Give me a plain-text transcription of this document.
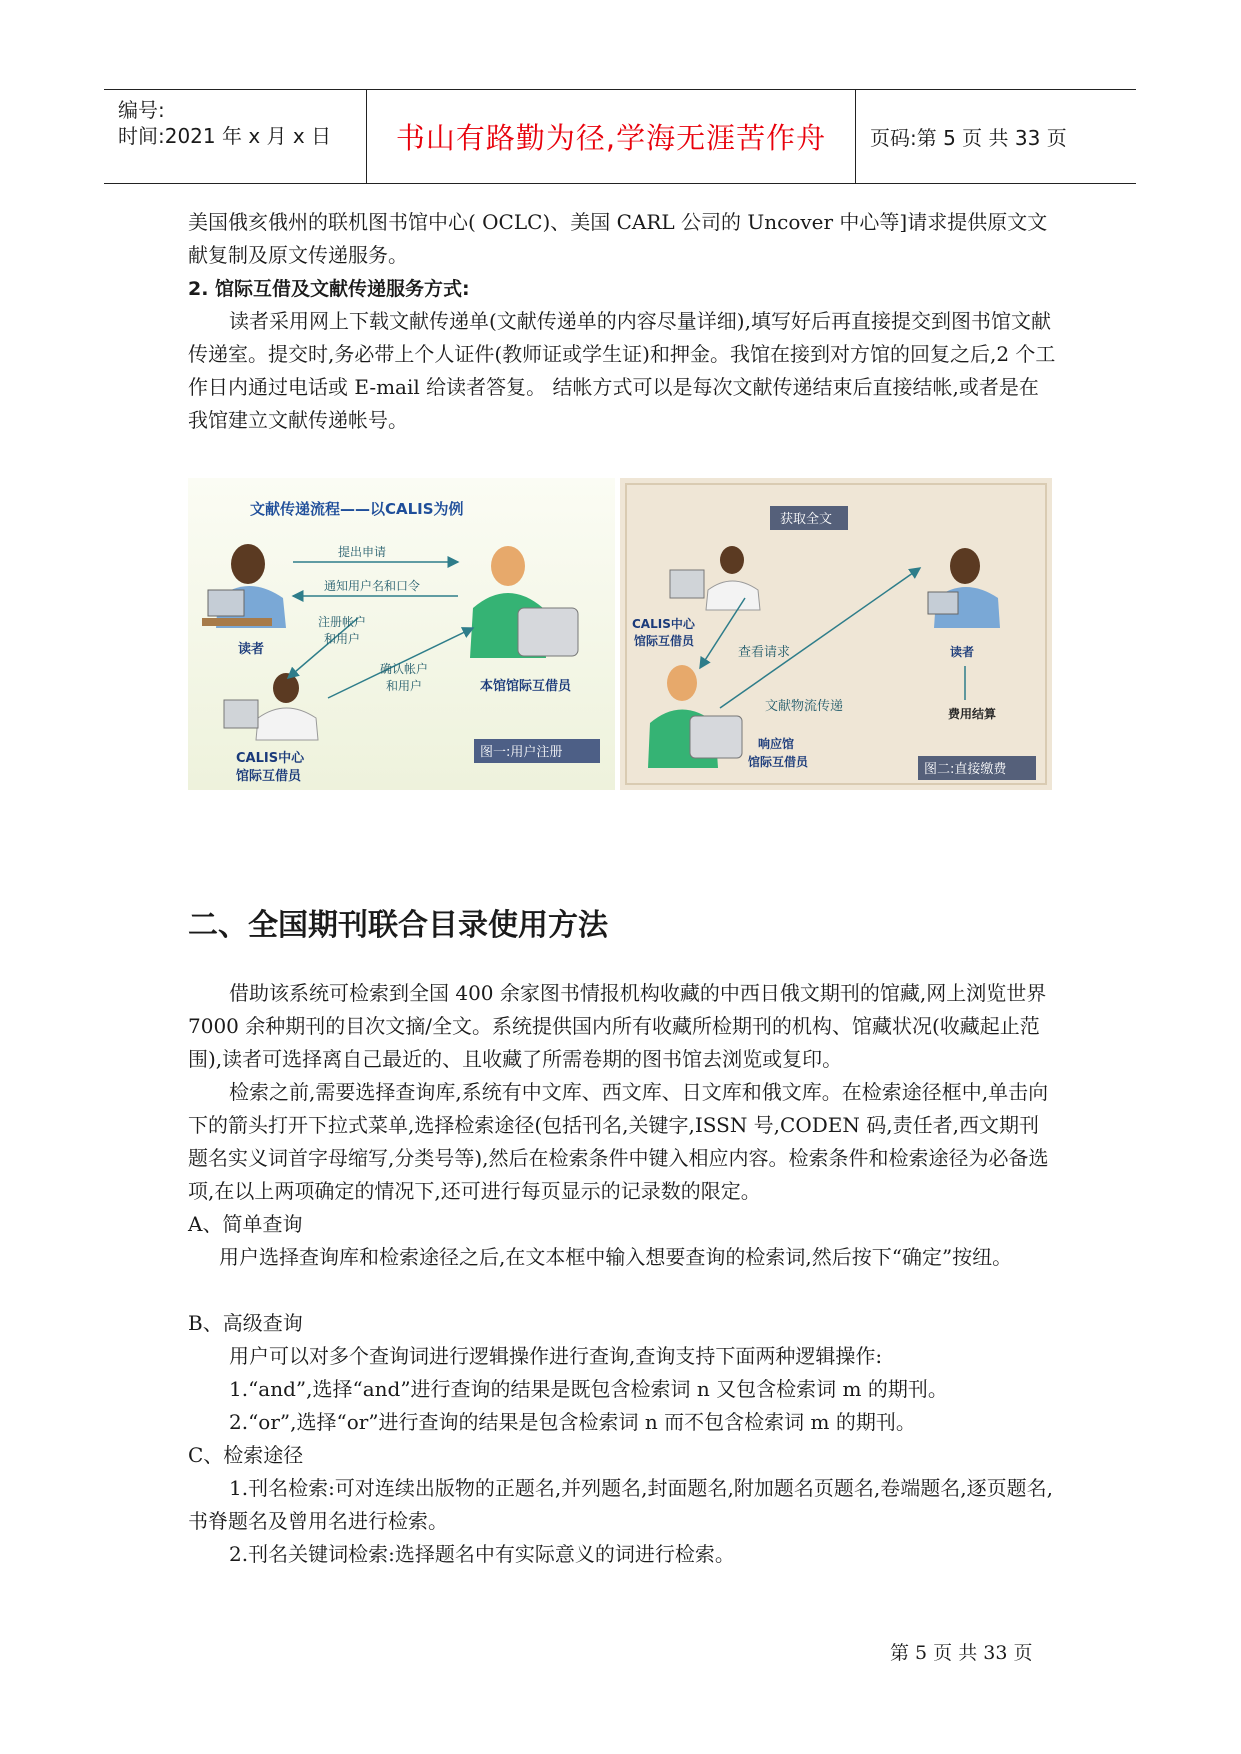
编号:
时间:2021 年 x 月 x 日	书山有路勤为径,学海无涯苦作舟	页码:第 5 页 共 33 页

美国俄亥俄州的联机图书馆中心( OCLC)、美国 CARL 公司的 Uncover 中心等]请求提供原文文献复制及原文传递服务。

2. 馆际互借及文献传递服务方式:

读者采用网上下载文献传递单(文献传递单的内容尽量详细),填写好后再直接提交到图书馆文献传递室。提交时,务必带上个人证件(教师证或学生证)和押金。我馆在接到对方馆的回复之后,2 个工作日内通过电话或 E-mail 给读者答复。 结帐方式可以是每次文献传递结束后直接结帐,或者是在我馆建立文献传递帐号。

文献传递流程——以CALIS为例
读者
本馆馆际互借员
CALIS中心
馆际互借员
提出申请
通知用户名和口令
注册帐户
和用户
确认帐户
和用户
图一:用户注册
获取全文
CALIS中心
馆际互借员
读者
费用结算
响应馆
馆际互借员
查看请求
文献物流传递
图二:直接缴费
二、全国期刊联合目录使用方法

借助该系统可检索到全国 400 余家图书情报机构收藏的中西日俄文期刊的馆藏,网上浏览世界 7000 余种期刊的目次文摘/全文。系统提供国内所有收藏所检期刊的机构、馆藏状况(收藏起止范围),读者可选择离自己最近的、且收藏了所需卷期的图书馆去浏览或复印。

检索之前,需要选择查询库,系统有中文库、西文库、日文库和俄文库。在检索途径框中,单击向下的箭头打开下拉式菜单,选择检索途径(包括刊名,关键字,ISSN 号,CODEN 码,责任者,西文期刊题名实义词首字母缩写,分类号等),然后在检索条件中键入相应内容。检索条件和检索途径为必备选项,在以上两项确定的情况下,还可进行每页显示的记录数的限定。

A、简单查询

用户选择查询库和检索途径之后,在文本框中输入想要查询的检索词,然后按下“确定”按纽。

B、高级查询

用户可以对多个查询词进行逻辑操作进行查询,查询支持下面两种逻辑操作:

1.“and”,选择“and”进行查询的结果是既包含检索词 n 又包含检索词 m 的期刊。

2.“or”,选择“or”进行查询的结果是包含检索词 n 而不包含检索词 m 的期刊。

C、检索途径

1.刊名检索:可对连续出版物的正题名,并列题名,封面题名,附加题名页题名,卷端题名,逐页题名,书脊题名及曾用名进行检索。

2.刊名关键词检索:选择题名中有实际意义的词进行检索。

第 5 页 共 33 页
